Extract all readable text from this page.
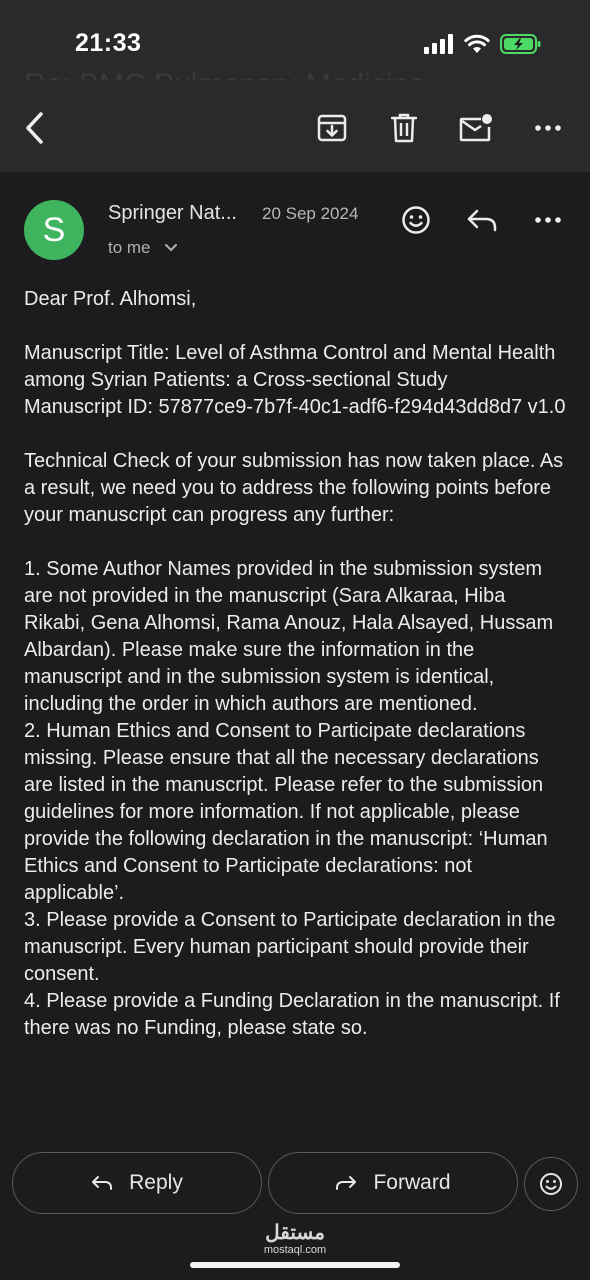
21:33
S	Springer Nat... 20 Sep 2024
to me

Dear Prof. Alhomsi,

Manuscript Title: Level of Asthma Control and Mental Health among Syrian Patients: a Cross-sectional Study

Manuscript ID: 57877ce9-7b7f-40c1-adf6-f294d43dd8d7 v1.0

Technical Check of your submission has now taken place. As a result, we need you to address the following points before your manuscript can progress any further:

1. Some Author Names provided in the submission system are not provided in the manuscript (Sara Alkaraa, Hiba Rikabi, Gena Alhomsi, Rama Anouz, Hala Alsayed, Hussam Albardan). Please make sure the information in the manuscript and in the submission system is identical, including the order in which authors are mentioned.

2. Human Ethics and Consent to Participate declarations missing. Please ensure that all the necessary declarations are listed in the manuscript. Please refer to the submission guidelines for more information. If not applicable, please provide the following declaration in the manuscript: ‘Human Ethics and Consent to Participate declarations: not applicable’.

3. Please provide a Consent to Participate declaration in the manuscript. Every human participant should provide their consent.

4. Please provide a Funding Declaration in the manuscript. If there was no Funding, please state so.

Reply	Forward
مستقل
mostaql.com
